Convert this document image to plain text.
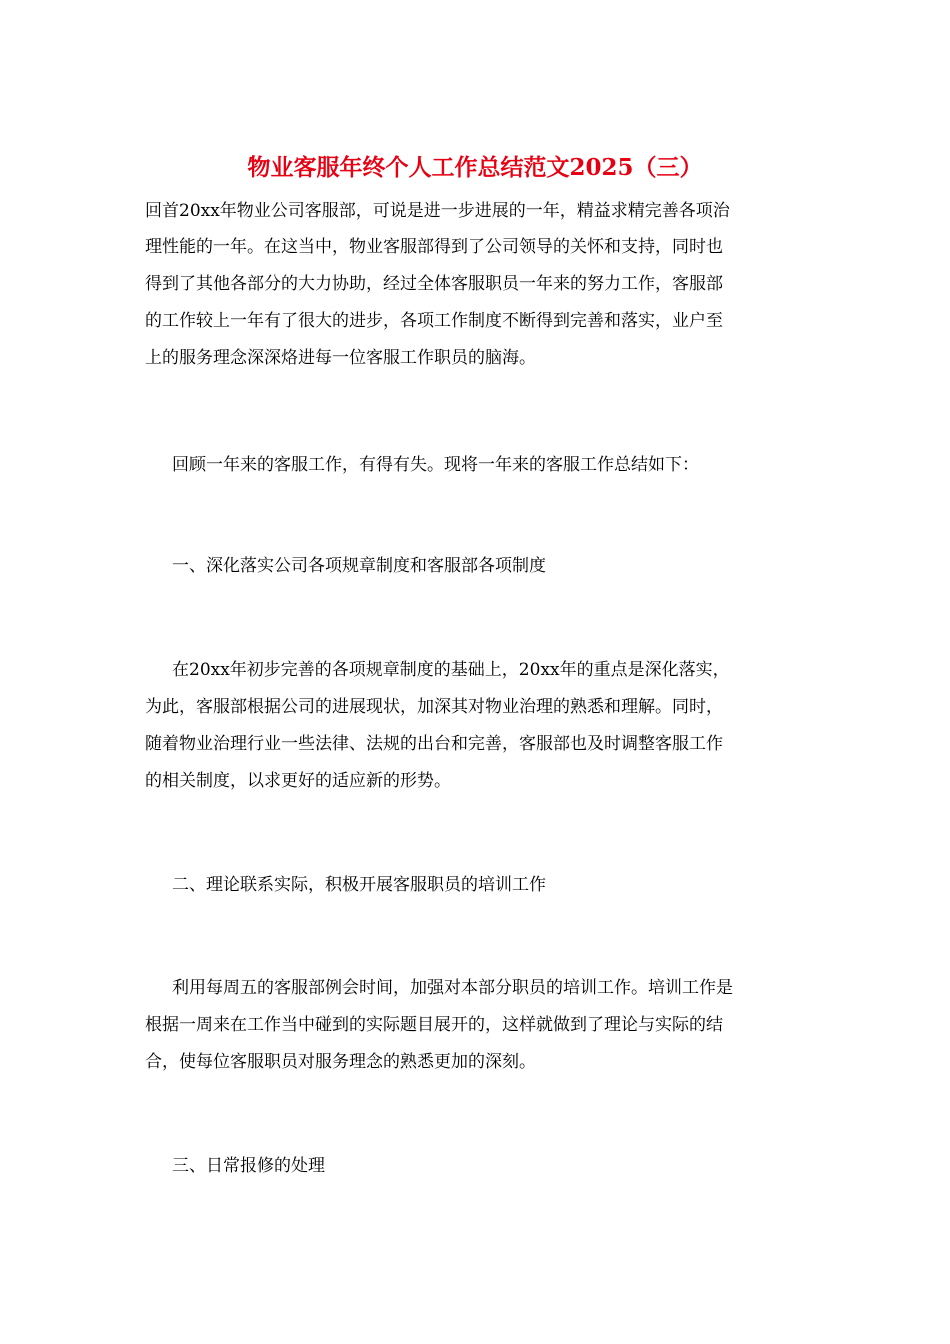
物业客服年终个人工作总结范文2025（三）
回首20xx年物业公司客服部，可说是进一步进展的一年，精益求精完善各项治
理性能的一年。在这当中，物业客服部得到了公司领导的关怀和支持，同时也
得到了其他各部分的大力协助，经过全体客服职员一年来的努力工作，客服部
的工作较上一年有了很大的进步，各项工作制度不断得到完善和落实，业户至
上的服务理念深深烙进每一位客服工作职员的脑海。
回顾一年来的客服工作，有得有失。现将一年来的客服工作总结如下：
一、深化落实公司各项规章制度和客服部各项制度
在20xx年初步完善的各项规章制度的基础上，20xx年的重点是深化落实，
为此，客服部根据公司的进展现状，加深其对物业治理的熟悉和理解。同时，
随着物业治理行业一些法律、法规的出台和完善，客服部也及时调整客服工作
的相关制度，以求更好的适应新的形势。
二、理论联系实际，积极开展客服职员的培训工作
利用每周五的客服部例会时间，加强对本部分职员的培训工作。培训工作是
根据一周来在工作当中碰到的实际题目展开的，这样就做到了理论与实际的结
合，使每位客服职员对服务理念的熟悉更加的深刻。
三、日常报修的处理
